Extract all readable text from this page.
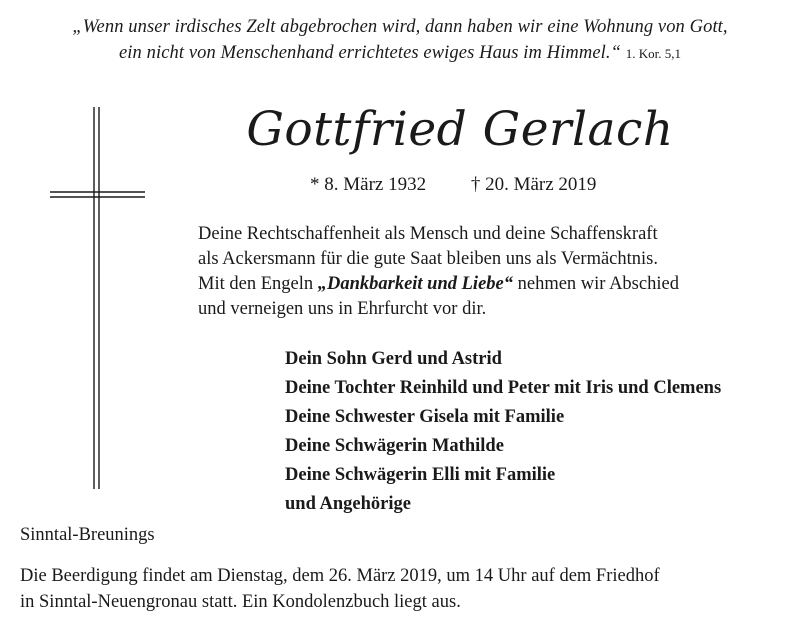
„Wenn unser irdisches Zelt abgebrochen wird, dann haben wir eine Wohnung von Gott,
ein nicht von Menschenhand errichtetes ewiges Haus im Himmel.“ 1. Kor. 5,1
Gottfried Gerlach
* 8. März 1932 † 20. März 2019
Deine Rechtschaffenheit als Mensch und deine Schaffenskraft
als Ackersmann für die gute Saat bleiben uns als Vermächtnis.
Mit den Engeln „Dankbarkeit und Liebe“ nehmen wir Abschied
und verneigen uns in Ehrfurcht vor dir.
Dein Sohn Gerd und Astrid
Deine Tochter Reinhild und Peter mit Iris und Clemens
Deine Schwester Gisela mit Familie
Deine Schwägerin Mathilde
Deine Schwägerin Elli mit Familie
und Angehörige
Sinntal-Breunings
Die Beerdigung findet am Dienstag, dem 26. März 2019, um 14 Uhr auf dem Friedhof
in Sinntal-Neuengronau statt. Ein Kondolenzbuch liegt aus.
